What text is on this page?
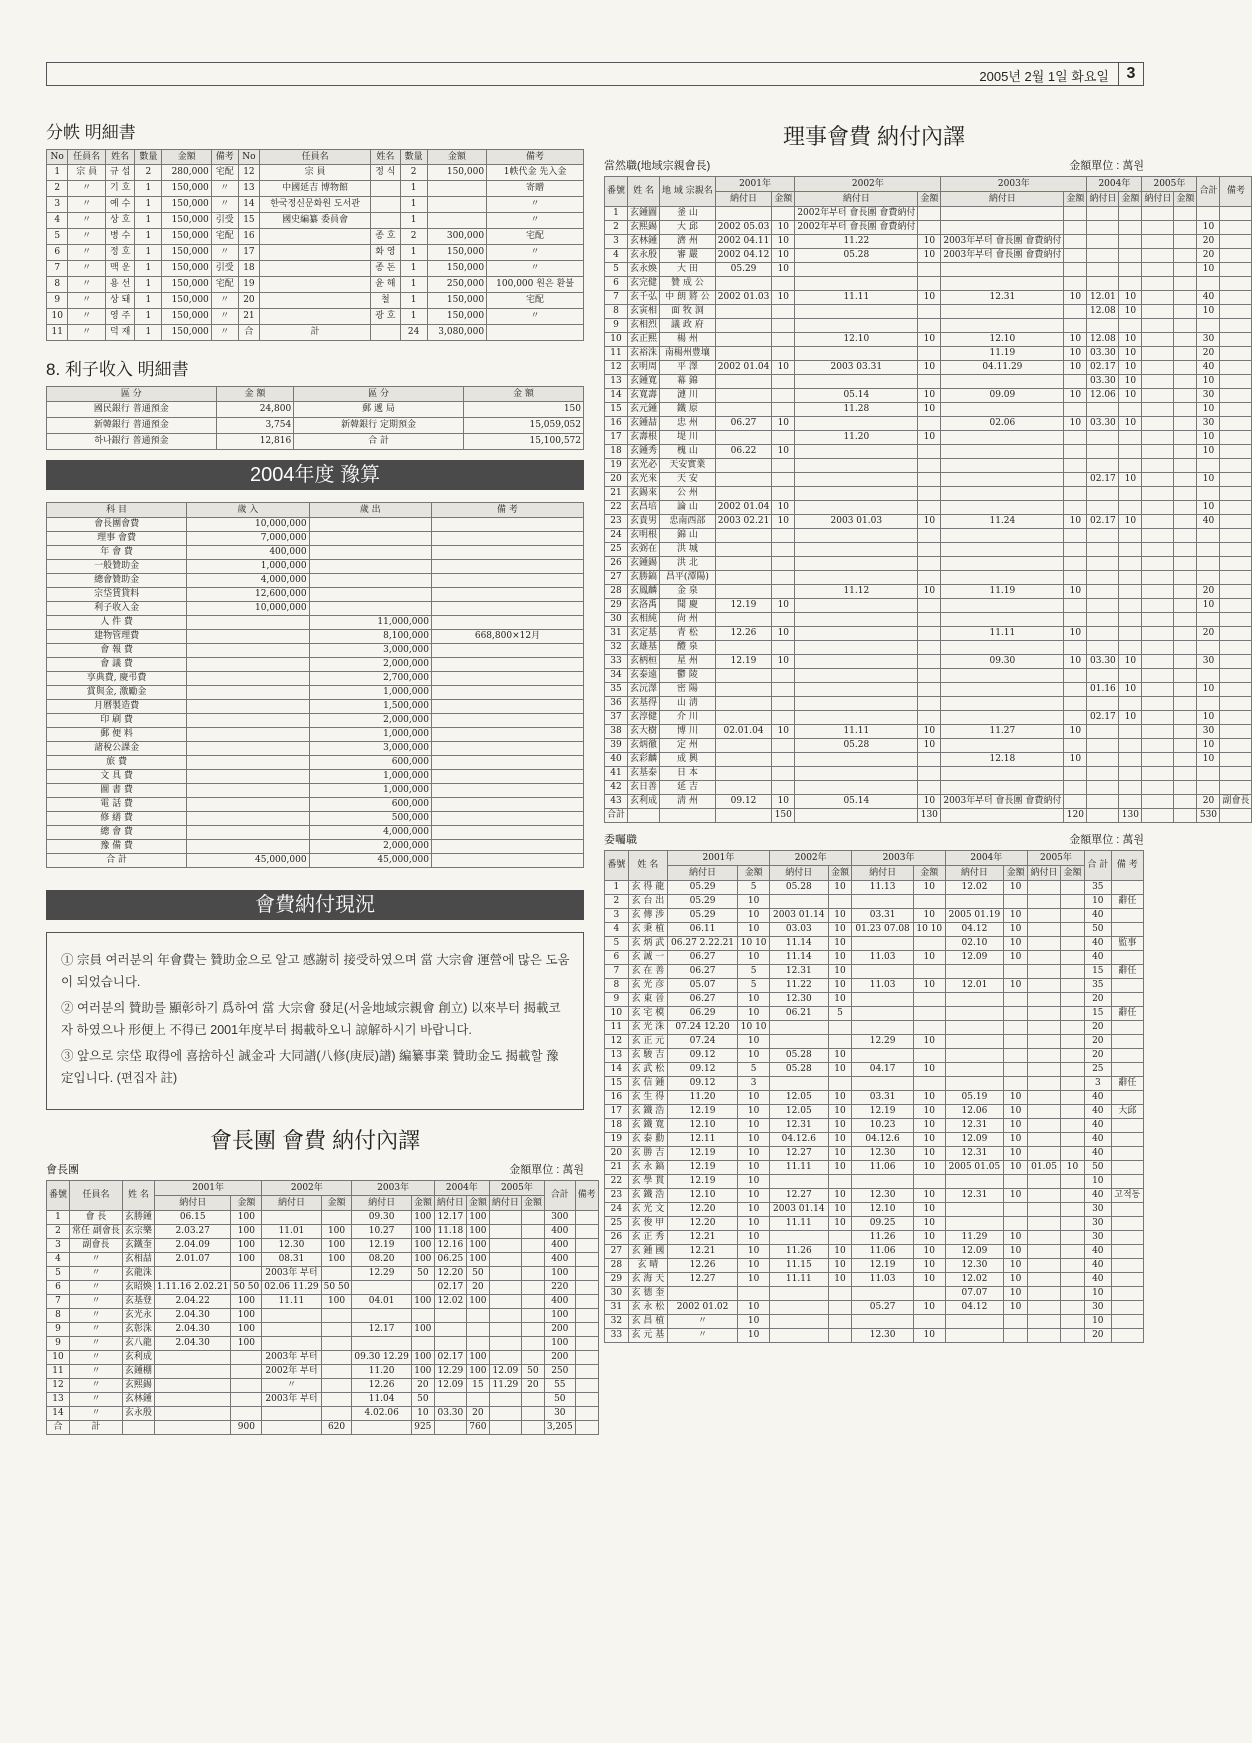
2005년 2월 1일 화요일	3
分帙 明細書
No	任員名	姓名	數量	金額	備考	No	任員名	姓名	數量	金額	備考
1	宗 員	규 섭	2	280,000	宅配	12	宗 員	정 식	2	150,000	1帙代金 先入金
2	〃	기 호	1	150,000	〃	13	中國延吉 博物館		1		寄贈
3	〃	예 수	1	150,000	〃	14	한국정신문화원 도서관		1		〃
4	〃	상 호	1	150,000	引受	15	國史編纂 委員會		1		〃
5	〃	병 수	1	150,000	宅配	16		종 호	2	300,000	宅配
6	〃	정 호	1	150,000	〃	17		화 영	1	150,000	〃
7	〃	맥 운	1	150,000	引受	18		종 돈	1	150,000	〃
8	〃	용 선	1	150,000	宅配	19		윤 해	1	250,000	100,000 원은 환불
9	〃	상 돼	1	150,000	〃	20		철	1	150,000	宅配
10	〃	영 주	1	150,000	〃	21		광 호	1	150,000	〃
11	〃	덕 재	1	150,000	〃	合	計		24	3,080,000	
8. 利子收入 明細書
區 分	金 額	區 分	金 額
國民銀行 普通預金	24,800	郵 遞 局	150
新韓銀行 普通預金	3,754	新韓銀行 定期預金	15,059,052
하나銀行 普通預金	12,816	合 計	15,100,572
2004年度 豫算
科 目	歲 入	歲 出	備 考
會長團會費	10,000,000		
理事 會費	7,000,000		
年 會 費	400,000		
一般贊助金	1,000,000		
總會贊助金	4,000,000		
宗垈賃貸料	12,600,000		
利子收入金	10,000,000		
人 件 費		11,000,000	
建物管理費		8,100,000	668,800×12月
會 報 費		3,000,000	
會 議 費		2,000,000	
享典費, 慶弔費		2,700,000	
賞與金, 激勵金		1,000,000	
月曆製造費		1,500,000	
印 刷 費		2,000,000	
郵 便 料		1,000,000	
諸稅公課金		3,000,000	
旅 費		600,000	
文 具 費		1,000,000	
圖 書 費		1,000,000	
電 話 費		600,000	
修 繕 費		500,000	
總 會 費		4,000,000	
豫 備 費		2,000,000	
合 計	45,000,000	45,000,000	
會費納付現況

① 宗員 여러분의 年會費는 贊助金으로 알고 感謝히 接受하였으며 當 大宗會 運營에 많은 도움이 되었습니다.

② 여러분의 贊助를 顯彰하기 爲하여 當 大宗會 發足(서울地域宗親會 創立) 以來부터 揭載코자 하였으나 形便上 不得已 2001年度부터 揭載하오니 諒解하시기 바랍니다.

③ 앞으로 宗垈 取得에 喜捨하신 誠金과 大同譜(八修(庚辰)譜) 編纂事業 贊助金도 揭載할 豫定입니다. (편집자 註)

會長團 會費 納付內譯
會長團	金額單位 : 萬원
番號	任員名	姓 名	2001年		2002年		2003年		2004年		2005年		合計	備考
			納付日	金額	納付日	金額	納付日	金額	納付日	金額	納付日	金額		
1	會 長	玄勝鍾	06.15	100			09.30	100	12.17	100			300	
2	常任 副會長	玄宗樂	2.03.27	100	11.01	100	10.27	100	11.18	100			400	
3	副會長	玄鐵奎	2.04.09	100	12.30	100	12.19	100	12.16	100			400	
4	〃	玄相喆	2.01.07	100	08.31	100	08.20	100	06.25	100			400	
5	〃	玄龍洙			2003年 부터		12.29	50	12.20	50			100	
6	〃	玄昭煥	1.11.16 2.02.21	50 50	02.06 11.29	50 50			02.17	20			220	
7	〃	玄基登	2.04.22	100	11.11	100	04.01	100	12.02	100			400	
8	〃	玄光永	2.04.30	100									100	
9	〃	玄彰洙	2.04.30	100			12.17	100					200	
9	〃	玄八龍	2.04.30	100									100	
10	〃	玄利成			2003年 부터		09.30 12.29	100	02.17	100			200	
11	〃	玄鍾棚			2002年 부터		11.20	100	12.29	100	12.09	50	250	
12	〃	玄熙錫			〃		12.26	20	12.09	15	11.29	20	55	
13	〃	玄林鍾			2003年 부터		11.04	50					50	
14	〃	玄永殷					4.02.06	10	03.30	20			30	
合	計			900		620		925		760			3,205	
理事會費 納付內譯
當然職(地域宗親會長)	金額單位 : 萬원
番號	姓 名	地 域 宗親名	2001年		2002年		2003年		2004年		2005年		合計	備考
			納付日	金額	納付日	金額	納付日	金額	納付日	金額	納付日	金額		
1	玄鍾圖	釜 山			2002年부터 會長團 會費納付									
2	玄熙錫	大 邱	2002 05.03	10	2002年부터 會長團 會費納付								10	
3	玄林鍾	濟 州	2002 04.11	10	11.22	10	2003年부터 會長團 會費納付						20	
4	玄永殷	審 嚴	2002 04.12	10	05.28	10	2003年부터 會長團 會費納付						20	
5	玄永煥	大 田	05.29	10									10	
6	玄完健	贊 成 公												
7	玄千弘	中 朗 將 公	2002 01.03	10	11.11	10	12.31	10	12.01	10			40	
8	玄寅相	面 牧 洞							12.08	10			10	
9	玄相烈	議 政 府												
10	玄正熙	楊 州			12.10	10	12.10	10	12.08	10			30	
11	玄裕洙	南楊州豊壤					11.19	10	03.30	10			20	
12	玄明周	平 澤	2002 01.04	10	2003 03.31	10	04.11.29	10	02.17	10			40	
13	玄鍾寬	幕 錦							03.30	10			10	
14	玄寬壽	漣 川			05.14	10	09.09	10	12.06	10			30	
15	玄元鍾	鐵 原			11.28	10							10	
16	玄鍾喆	忠 州	06.27	10			02.06	10	03.30	10			30	
17	玄壽根	堤 川			11.20	10							10	
18	玄鍾秀	槐 山	06.22	10									10	
19	玄光必	天安實業												
20	玄光來	天 安							02.17	10			10	
21	玄錫來	公 州												
22	玄昌培	論 山	2002 01.04	10									10	
23	玄貴男	忠南西部	2003 02.21	10	2003 01.03	10	11.24	10	02.17	10			40	
24	玄明根	錦 山												
25	玄弼在	洪 城												
26	玄鍾錫	洪 北												
27	玄勝鎬	昌平(潭陽)												
28	玄鳳麟	金 泉			11.12	10	11.19	10					20	
29	玄洛禹	聞 慶	12.19	10									10	
30	玄相純	尙 州												
31	玄定基	青 松	12.26	10			11.11	10					20	
32	玄雄基	醴 泉												
33	玄柄桓	星 州	12.19	10			09.30	10	03.30	10			30	
34	玄泰遠	鬱 陵												
35	玄沅澤	密 陽							01.16	10			10	
36	玄基得	山 淸												
37	玄淳健	介 川							02.17	10			10	
38	玄大樹	博 川	02.01.04	10	11.11	10	11.27	10					30	
39	玄炳徹	定 州			05.28	10							10	
40	玄彩麟	成 興					12.18	10					10	
41	玄基泰	日 本												
42	玄日善	延 吉												
43	玄利成	淸 州	09.12	10	05.14	10	2003年부터 會長團 會費納付						20	副會長
合計				150		130		120		130			530	
委囑職	金額單位 : 萬원
番號	姓 名	2001年		2002年		2003年		2004年		2005年		合 計	備 考
		納付日	金額	納付日	金額	納付日	金額	納付日	金額	納付日	金額		
1	玄 得 龍	05.29	5	05.28	10	11.13	10	12.02	10			35	
2	玄 台 出	05.29	10									10	辭任
3	玄 傳 涉	05.29	10	2003 01.14	10	03.31	10	2005 01.19	10			40	
4	玄 秉 植	06.11	10	03.03	10	01.23 07.08	10 10	04.12	10			50	
5	玄 炳 武	06.27 2.22.21	10 10	11.14	10			02.10	10			40	監事
6	玄 誠 一	06.27	10	11.14	10	11.03	10	12.09	10			40	
7	玄 在 善	06.27	5	12.31	10							15	辭任
8	玄 光 彦	05.07	5	11.22	10	11.03	10	12.01	10			35	
9	玄 東 晉	06.27	10	12.30	10							20	
10	玄 宅 模	06.29	10	06.21	5							15	辭任
11	玄 光 洙	07.24 12.20	10 10									20	
12	玄 正 元	07.24	10			12.29	10					20	
13	玄 駿 吉	09.12	10	05.28	10							20	
14	玄 武 松	09.12	5	05.28	10	04.17	10					25	
15	玄 信 鍾	09.12	3									3	辭任
16	玄 生 得	11.20	10	12.05	10	03.31	10	05.19	10			40	
17	玄 鐵 浩	12.19	10	12.05	10	12.19	10	12.06	10			40	大邱
18	玄 鐵 寬	12.10	10	12.31	10	10.23	10	12.31	10			40	
19	玄 泰 勳	12.11	10	04.12.6	10	04.12.6	10	12.09	10			40	
20	玄 勝 吉	12.19	10	12.27	10	12.30	10	12.31	10			40	
21	玄 永 鎬	12.19	10	11.11	10	11.06	10	2005 01.05	10	01.05	10	50	
22	玄 學 貫	12.19	10									10	
23	玄 鐵 浩	12.10	10	12.27	10	12.30	10	12.31	10			40	고적동
24	玄 光 文	12.20	10	2003 01.14	10	12.10	10					30	
25	玄 俊 甲	12.20	10	11.11	10	09.25	10					30	
26	玄 正 秀	12.21	10			11.26	10	11.29	10			30	
27	玄 鍾 國	12.21	10	11.26	10	11.06	10	12.09	10			40	
28	玄 晴	12.26	10	11.15	10	12.19	10	12.30	10			40	
29	玄 海 天	12.27	10	11.11	10	11.03	10	12.02	10			40	
30	玄 德 奎							07.07	10			10	
31	玄 永 松	2002 01.02	10			05.27	10	04.12	10			30	
32	玄 昌 植	〃	10									10	
33	玄 元 基	〃	10			12.30	10					20	
